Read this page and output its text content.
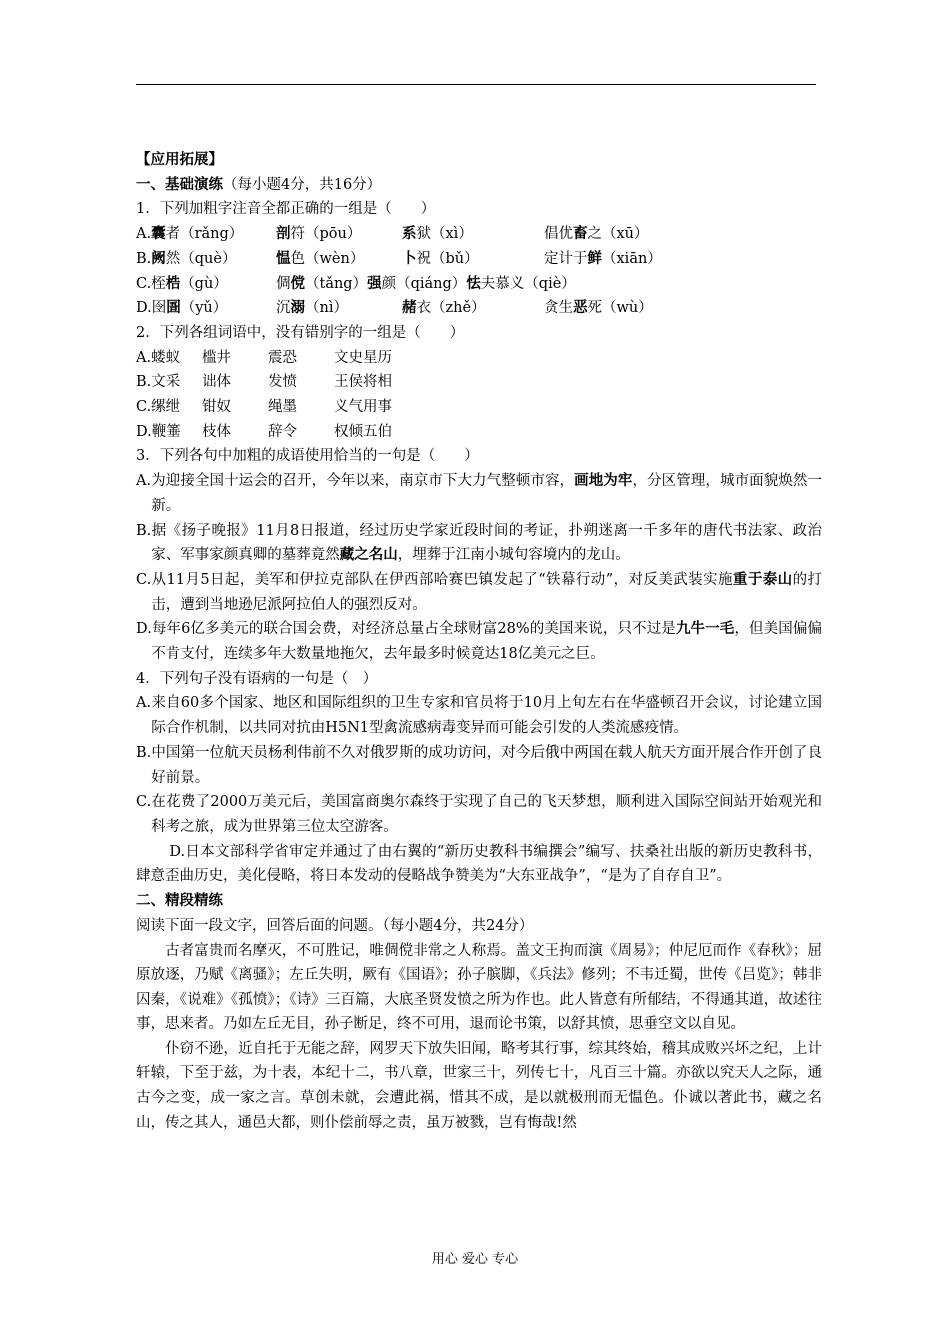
【应用拓展】
一、基础演练（每小题4分，共16分）
1．下列加粗字注音全都正确的一组是（　　）
A.囊者（rǎng） 剖符（pōu）	系狱（xì）	倡优畜之（xū）
B.阙然（què）	愠色（wèn）	卜祝（bǔ）	定计于鲜（xiān）
C.桎梏（gù）	倜傥（tǎng）强颜（qiáng）怯夫慕义（qiè）
D.囹圄（yǔ）	沉溺（nì）	赭衣（zhě）	贪生恶死（wù）
2．下列各组词语中，没有错别字的一组是（　　）
A.蝼蚁 槛井	震恐	文史星历
B.文采 诎体	发愤	王侯将相
C.缧绁 钳奴	绳墨	义气用事
D.鞭箠 枝体	辞令	权倾五伯
3．下列各句中加粗的成语使用恰当的一句是（　　）
A.为迎接全国十运会的召开，今年以来，南京市下大力气整顿市容，画地为牢，分区管理，城市面貌焕然一新。
B.据《扬子晚报》11月8日报道，经过历史学家近段时间的考证，扑朔迷离一千多年的唐代书法家、政治家、军事家颜真卿的墓葬竟然藏之名山，埋葬于江南小城句容境内的龙山。
C.从11月5日起，美军和伊拉克部队在伊西部哈赛巴镇发起了“铁幕行动”，对反美武装实施重于泰山的打击，遭到当地逊尼派阿拉伯人的强烈反对。
D.每年6亿多美元的联合国会费，对经济总量占全球财富28%的美国来说，只不过是九牛一毛，但美国偏偏不肯支付，连续多年大数量地拖欠，去年最多时候竟达18亿美元之巨。
4．下列句子没有语病的一句是（　）
A.来自60多个国家、地区和国际组织的卫生专家和官员将于10月上旬左右在华盛顿召开会议，讨论建立国际合作机制，以共同对抗由H5N1型禽流感病毒变异而可能会引发的人类流感疫情。
B.中国第一位航天员杨利伟前不久对俄罗斯的成功访问，对今后俄中两国在载人航天方面开展合作开创了良好前景。
C.在花费了2000万美元后，美国富商奥尔森终于实现了自己的飞天梦想，顺利进入国际空间站开始观光和科考之旅，成为世界第三位太空游客。
D.日本文部科学省审定并通过了由右翼的“新历史教科书编撰会”编写、扶桑社出版的新历史教科书，肆意歪曲历史，美化侵略，将日本发动的侵略战争赞美为“大东亚战争”，“是为了自存自卫”。
二、精段精练
阅读下面一段文字，回答后面的问题。（每小题4分，共24分）
古者富贵而名摩灭，不可胜记，唯倜傥非常之人称焉。盖文王拘而演《周易》；仲尼厄而作《春秋》；屈原放逐，乃赋《离骚》；左丘失明，厥有《国语》；孙子膑脚，《兵法》修列；不韦迁蜀，世传《吕览》；韩非囚秦，《说难》《孤愤》；《诗》三百篇，大底圣贤发愤之所为作也。此人皆意有所郁结，不得通其道，故述往事，思来者。乃如左丘无目，孙子断足，终不可用，退而论书策，以舒其愤，思垂空文以自见。
仆窃不逊，近自托于无能之辞，网罗天下放失旧闻，略考其行事，综其终始，稽其成败兴坏之纪，上计轩辕，下至于兹，为十表，本纪十二，书八章，世家三十，列传七十，凡百三十篇。亦欲以究天人之际，通古今之变，成一家之言。草创未就，会遭此祸，惜其不成，是以就极刑而无愠色。仆诚以著此书，藏之名山，传之其人，通邑大都，则仆偿前辱之责，虽万被戮，岂有悔哉!然
用心 爱心 专心
